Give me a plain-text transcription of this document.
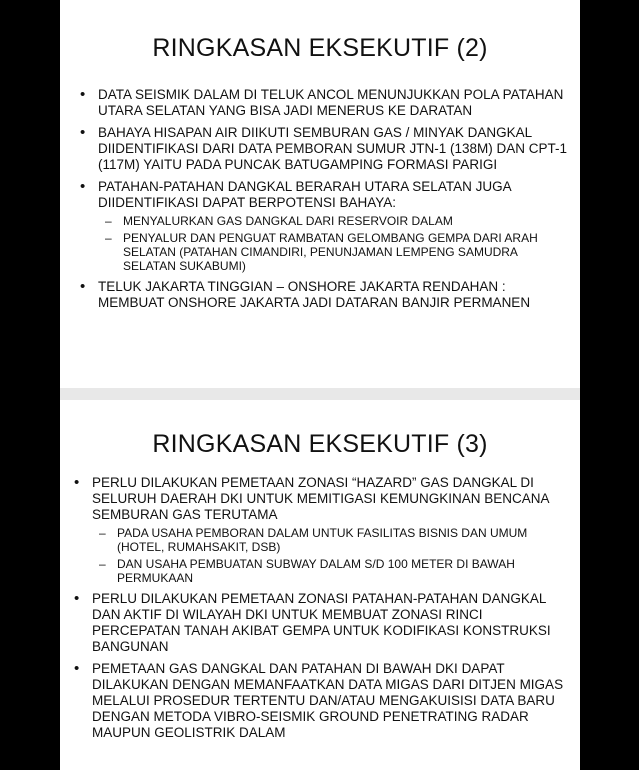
RINGKASAN EKSEKUTIF (2)
• DATA SEISMIK DALAM DI TELUK ANCOL MENUNJUKKAN POLA PATAHAN UTARA SELATAN YANG BISA JADI MENERUS KE DARATAN
• BAHAYA HISAPAN AIR DIIKUTI SEMBURAN GAS / MINYAK DANGKAL DIIDENTIFIKASI DARI DATA PEMBORAN SUMUR JTN-1 (138M) DAN CPT-1 (117M) YAITU PADA PUNCAK BATUGAMPING FORMASI PARIGI
• PATAHAN-PATAHAN DANGKAL BERARAH UTARA SELATAN JUGA DIIDENTIFIKASI DAPAT BERPOTENSI BAHAYA:
– MENYALURKAN GAS DANGKAL DARI RESERVOIR DALAM
– PENYALUR DAN PENGUAT RAMBATAN GELOMBANG GEMPA DARI ARAH SELATAN (PATAHAN CIMANDIRI, PENUNJAMAN LEMPENG SAMUDRA SELATAN SUKABUMI)
• TELUK JAKARTA TINGGIAN – ONSHORE JAKARTA RENDAHAN : MEMBUAT ONSHORE JAKARTA JADI DATARAN BANJIR PERMANEN
RINGKASAN EKSEKUTIF (3)
• PERLU DILAKUKAN PEMETAAN ZONASI “HAZARD” GAS DANGKAL DI SELURUH DAERAH DKI UNTUK MEMITIGASI KEMUNGKINAN BENCANA SEMBURAN GAS TERUTAMA
– PADA USAHA PEMBORAN DALAM UNTUK FASILITAS BISNIS DAN UMUM (HOTEL, RUMAHSAKIT, DSB)
– DAN USAHA PEMBUATAN SUBWAY DALAM S/D 100 METER DI BAWAH PERMUKAAN
• PERLU DILAKUKAN PEMETAAN ZONASI PATAHAN-PATAHAN DANGKAL DAN AKTIF DI WILAYAH DKI UNTUK MEMBUAT ZONASI RINCI PERCEPATAN TANAH AKIBAT GEMPA UNTUK KODIFIKASI KONSTRUKSI BANGUNAN
• PEMETAAN GAS DANGKAL DAN PATAHAN DI BAWAH DKI DAPAT DILAKUKAN DENGAN MEMANFAATKAN DATA MIGAS DARI DITJEN MIGAS MELALUI PROSEDUR TERTENTU DAN/ATAU MENGAKUISISI DATA BARU DENGAN METODA VIBRO-SEISMIK GROUND PENETRATING RADAR MAUPUN GEOLISTRIK DALAM
